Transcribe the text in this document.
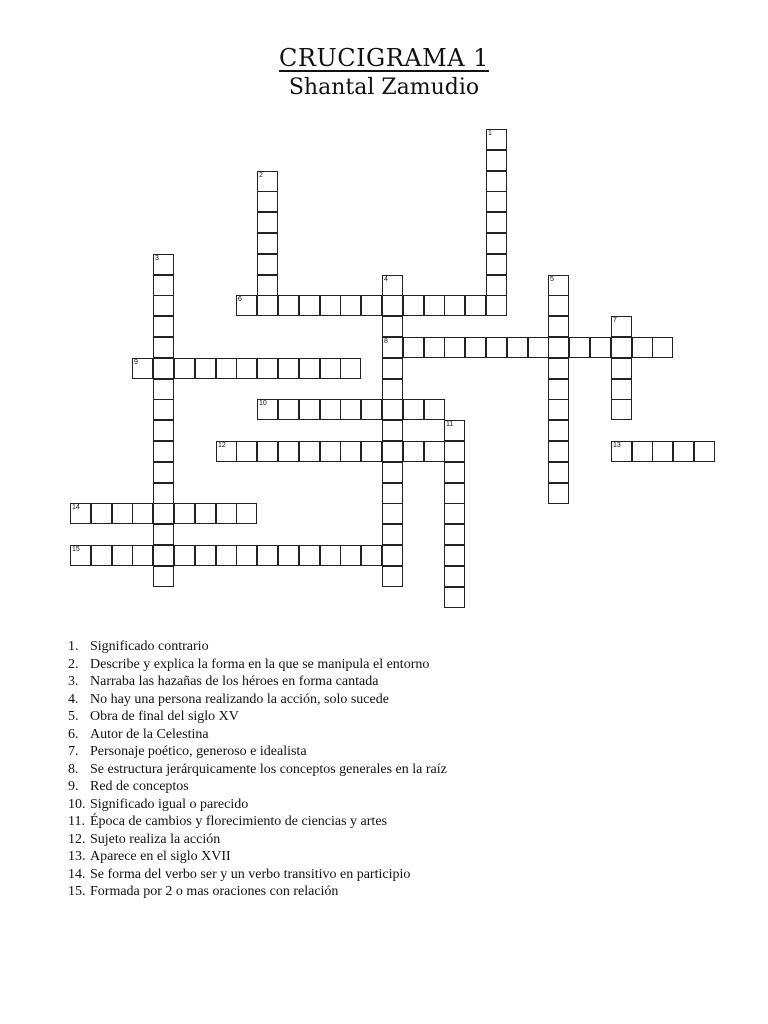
CRUCIGRAMA 1
Shantal Zamudio
1
2
3
4
8
5
6
7
9
10
11
12	13
14
15
1. Significado contrario
2. Describe y explica la forma en la que se manipula el entorno
3. Narraba las hazañas de los héroes en forma cantada
4. No hay una persona realizando la acción, solo sucede
5. Obra de final del siglo XV
6. Autor de la Celestina
7. Personaje poético, generoso e idealista
8. Se estructura jerárquicamente los conceptos generales en la raíz
9. Red de conceptos
10. Significado igual o parecido
11. Época de cambios y florecimiento de ciencias y artes
12. Sujeto realiza la acción
13. Aparece en el siglo XVII
14. Se forma del verbo ser y un verbo transitivo en participio
15. Formada por 2 o mas oraciones con relación
